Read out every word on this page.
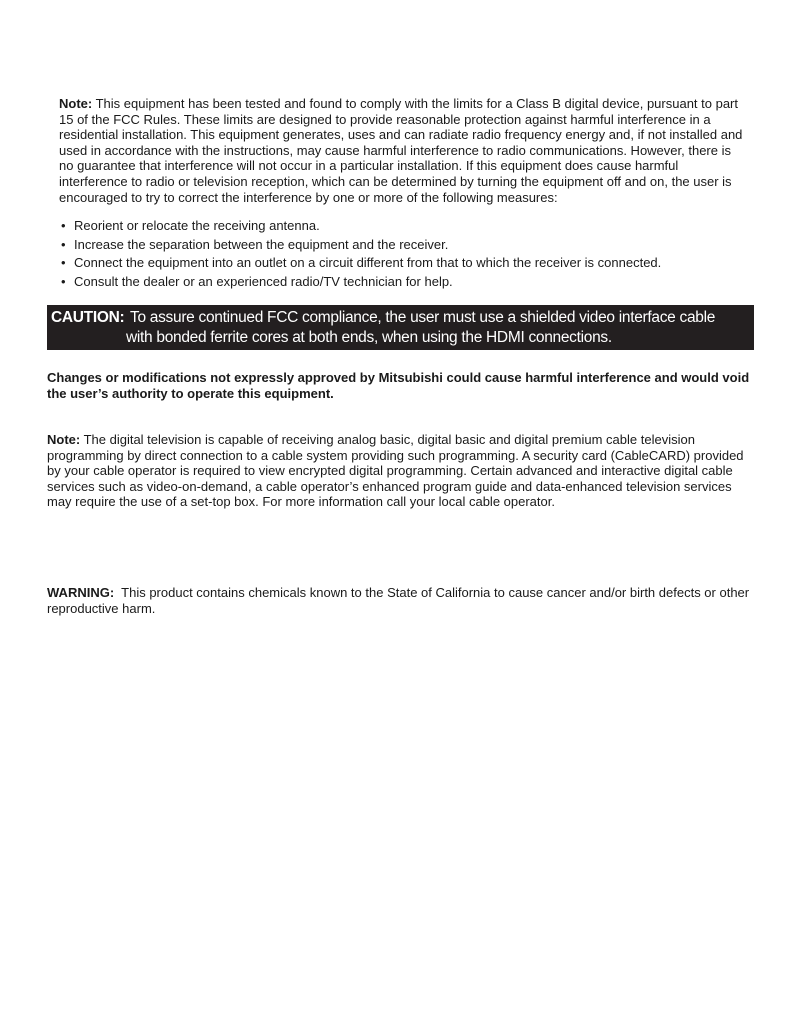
Note: This equipment has been tested and found to comply with the limits for a Class B digital device, pursuant to part 15 of the FCC Rules. These limits are designed to provide reasonable protection against harmful interference in a residential installation. This equipment generates, uses and can radiate radio frequency energy and, if not installed and used in accordance with the instructions, may cause harmful interference to radio communications. However, there is no guarantee that interference will not occur in a particular installation. If this equipment does cause harmful interference to radio or television reception, which can be determined by turning the equipment off and on, the user is encouraged to try to correct the interference by one or more of the following measures:
• Reorient or relocate the receiving antenna.
• Increase the separation between the equipment and the receiver.
• Connect the equipment into an outlet on a circuit different from that to which the receiver is connected.
• Consult the dealer or an experienced radio/TV technician for help.
CAUTION: To assure continued FCC compliance, the user must use a shielded video interface cable
with bonded ferrite cores at both ends, when using the HDMI connections.
Changes or modifications not expressly approved by Mitsubishi could cause harmful interference and would void the user’s authority to operate this equipment.
Note: The digital television is capable of receiving analog basic, digital basic and digital premium cable television programming by direct connection to a cable system providing such programming. A security card (CableCARD) provided by your cable operator is required to view encrypted digital programming. Certain advanced and interactive digital cable services such as video-on-demand, a cable operator’s enhanced program guide and data-enhanced television services may require the use of a set-top box. For more information call your local cable operator.
WARNING:  This product contains chemicals known to the State of California to cause cancer and/or birth defects or other reproductive harm.
